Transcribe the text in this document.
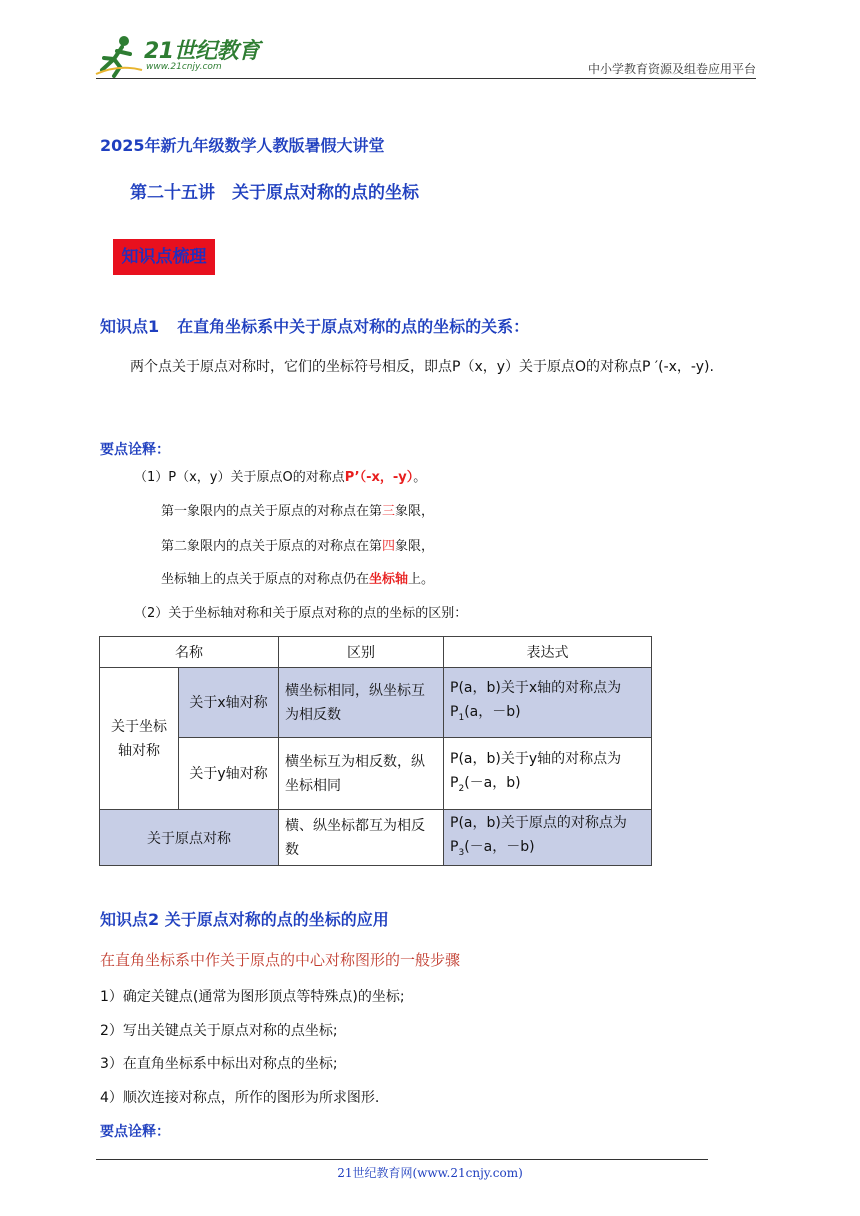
21世纪教育
www.21cnjy.com	中小学教育资源及组卷应用平台
2025年新九年级数学人教版暑假大讲堂
第二十五讲　关于原点对称的点的坐标
知识点梳理
知识点1 在直角坐标系中关于原点对称的点的坐标的关系：
两个点关于原点对称时，它们的坐标符号相反，即点P（x，y）关于原点O的对称点P ′(-x，-y).
要点诠释：
（1）P（x，y）关于原点O的对称点P’（-x，-y）。
第一象限内的点关于原点的对称点在第三象限，
第二象限内的点关于原点的对称点在第四象限，
坐标轴上的点关于原点的对称点仍在坐标轴上。
（2）关于坐标轴对称和关于原点对称的点的坐标的区别：
名称		区别	表达式
关于坐标轴对称	关于x轴对称	横坐标相同，纵坐标互为相反数	P(a，b)关于x轴的对称点为
$P_1(a$，－b)

	关于y轴对称	横坐标互为相反数，纵坐标相同	P(a，b)关于y轴的对称点为
$P_2(-a$，b)

关于原点对称		横、纵坐标都互为相反数	P(a，b)关于原点的对称点为
$P_3(-a$，－b)
知识点2 关于原点对称的点的坐标的应用
在直角坐标系中作关于原点的中心对称图形的一般步骤
1）确定关键点(通常为图形顶点等特殊点)的坐标;
2）写出关键点关于原点对称的点坐标;
3）在直角坐标系中标出对称点的坐标;
4）顺次连接对称点，所作的图形为所求图形.
要点诠释：
21世纪教育网(www.21cnjy.com)
